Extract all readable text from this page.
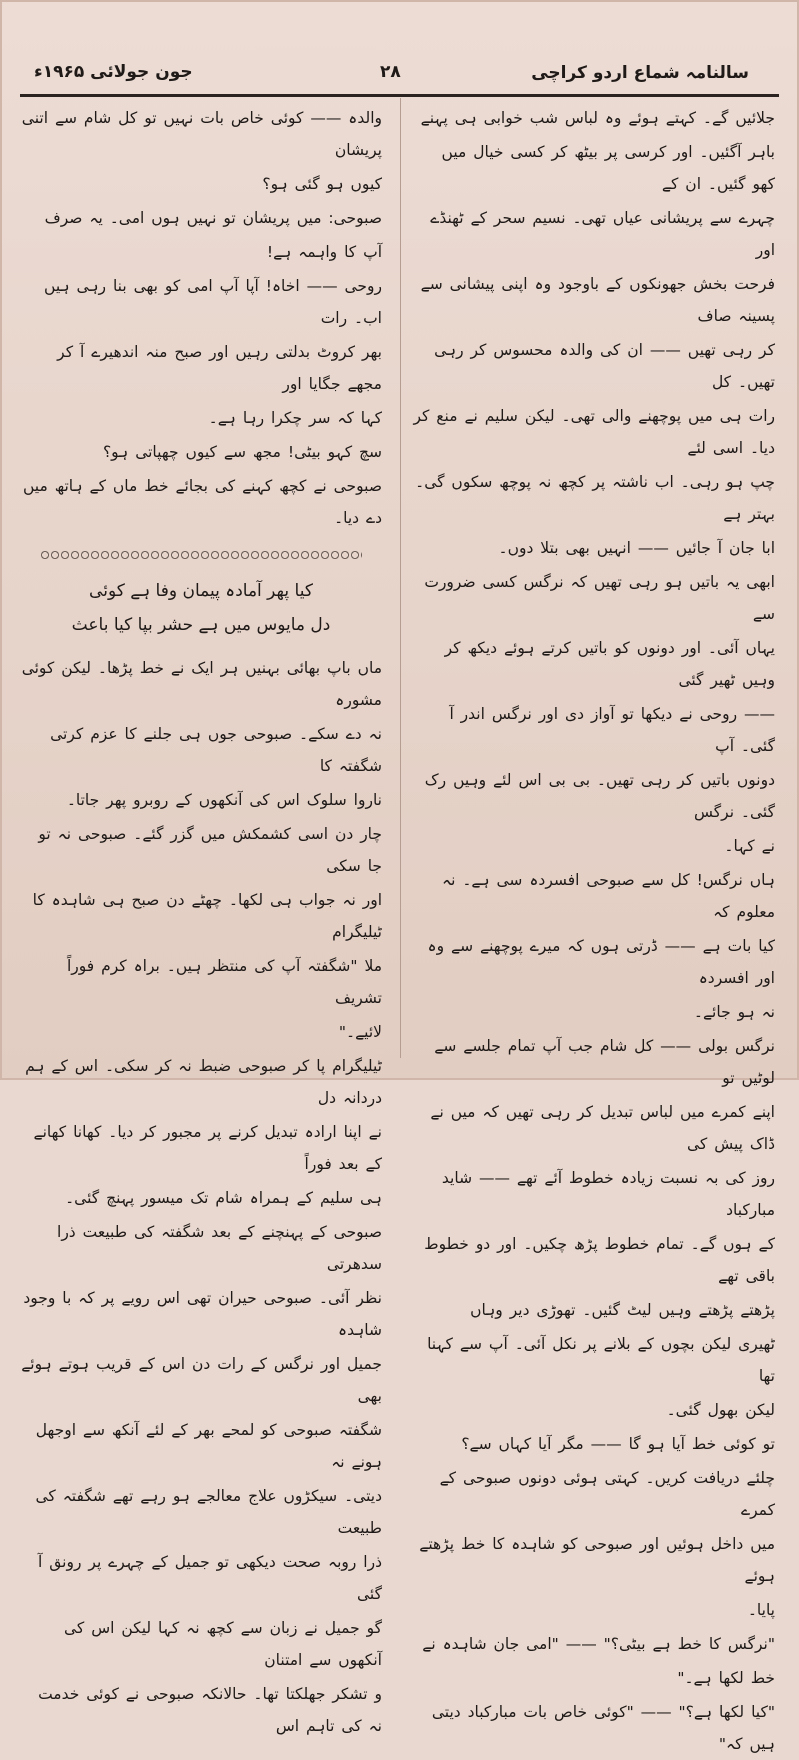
سالنامہ شماع اردو کراچی
۲۸
جون جولائی ۱۹۶۵ء

جلائیں گے۔ کہتے ہوئے وہ لباس شب خوابی ہی پہنے

باہر آگئیں۔ اور کرسی پر بیٹھ کر کسی خیال میں کھو گئیں۔ ان کے

چہرے سے پریشانی عیاں تھی۔ نسیم سحر کے ٹھنڈے اور

فرحت بخش جھونکوں کے باوجود وہ اپنی پیشانی سے پسینہ صاف

کر رہی تھیں —— ان کی والدہ محسوس کر رہی تھیں۔ کل

رات ہی میں پوچھنے والی تھی۔ لیکن سلیم نے منع کر دیا۔ اسی لئے

چپ ہو رہی۔ اب ناشتہ پر کچھ نہ پوچھ سکوں گی۔ بہتر ہے

ابا جان آ جائیں —— انہیں بھی بتلا دوں۔

ابھی یہ باتیں ہو رہی تھیں کہ نرگس کسی ضرورت سے

یہاں آئی۔ اور دونوں کو باتیں کرتے ہوئے دیکھ کر وہیں ٹھیر گئی

—— روحی نے دیکھا تو آواز دی اور نرگس اندر آ گئی۔ آپ

دونوں باتیں کر رہی تھیں۔ بی بی اس لئے وہیں رک گئی۔ نرگس

نے کہا۔

ہاں نرگس! کل سے صبوحی افسردہ سی ہے۔ نہ معلوم کہ

کیا بات ہے —— ڈرتی ہوں کہ میرے پوچھنے سے وہ اور افسردہ

نہ ہو جائے۔

نرگس بولی —— کل شام جب آپ تمام جلسے سے لوٹیں تو

اپنے کمرے میں لباس تبدیل کر رہی تھیں کہ میں نے ڈاک پیش کی

روز کی بہ نسبت زیادہ خطوط آئے تھے —— شاید مبارکباد

کے ہوں گے۔ تمام خطوط پڑھ چکیں۔ اور دو خطوط باقی تھے

پڑھتے پڑھتے وہیں لیٹ گئیں۔ تھوڑی دیر وہاں

ٹھیری لیکن بچوں کے بلانے پر نکل آئی۔ آپ سے کہنا تھا

لیکن بھول گئی۔

تو کوئی خط آیا ہو گا —— مگر آیا کہاں سے؟

چلئے دریافت کریں۔ کہتی ہوئی دونوں صبوحی کے کمرے

میں داخل ہوئیں اور صبوحی کو شاہدہ کا خط پڑھتے ہوئے

پایا۔

"نرگس کا خط ہے بیٹی؟" —— "امی جان شاہدہ نے

خط لکھا ہے۔"

"کیا لکھا ہے؟" —— "کوئی خاص بات مبارکباد دیتی ہیں کہ"

والدہ —— کوئی خاص بات نہیں تو کل شام سے اتنی پریشان

کیوں ہو گئی ہو؟

صبوحی: میں پریشان تو نہیں ہوں امی۔ یہ صرف

آپ کا واہمہ ہے!

روحی —— اخاہ! آپا آپ امی کو بھی بنا رہی ہیں اب۔ رات

بھر کروٹ بدلتی رہیں اور صبح منہ اندھیرے آ کر مجھے جگایا اور

کہا کہ سر چکرا رہا ہے۔

سچ کہو بیٹی! مجھ سے کیوں چھپاتی ہو؟

صبوحی نے کچھ کہنے کی بجائے خط ماں کے ہاتھ میں دے دیا۔

کیا پھر آمادہ پیمان وفا ہے کوئی
دل مایوس میں ہے حشر بپا کیا باعث

ماں باپ بھائی بہنیں ہر ایک نے خط پڑھا۔ لیکن کوئی مشورہ

نہ دے سکے۔ صبوحی جوں ہی جلنے کا عزم کرتی شگفتہ کا

ناروا سلوک اس کی آنکھوں کے روبرو پھر جاتا۔

چار دن اسی کشمکش میں گزر گئے۔ صبوحی نہ تو جا سکی

اور نہ جواب ہی لکھا۔ چھٹے دن صبح ہی شاہدہ کا ٹیلیگرام

ملا "شگفتہ آپ کی منتظر ہیں۔ براہ کرم فوراً تشریف

لائیے۔"

ٹیلیگرام پا کر صبوحی ضبط نہ کر سکی۔ اس کے ہم دردانہ دل

نے اپنا ارادہ تبدیل کرنے پر مجبور کر دیا۔ کھانا کھانے کے بعد فوراً

ہی سلیم کے ہمراہ شام تک میسور پہنچ گئی۔

صبوحی کے پہنچنے کے بعد شگفتہ کی طبیعت ذرا سدھرتی

نظر آئی۔ صبوحی حیران تھی اس رویے پر کہ با وجود شاہدہ

جمیل اور نرگس کے رات دن اس کے قریب ہوتے ہوئے بھی

شگفتہ صبوحی کو لمحے بھر کے لئے آنکھ سے اوجھل ہونے نہ

دیتی۔ سیکڑوں علاج معالجے ہو رہے تھے شگفتہ کی طبیعت

ذرا روبہ صحت دیکھی تو جمیل کے چہرے پر رونق آ گئی

گو جمیل نے زبان سے کچھ نہ کہا لیکن اس کی آنکھوں سے امتنان

و تشکر جھلکتا تھا۔ حالانکہ صبوحی نے کوئی خدمت نہ کی تاہم اس
